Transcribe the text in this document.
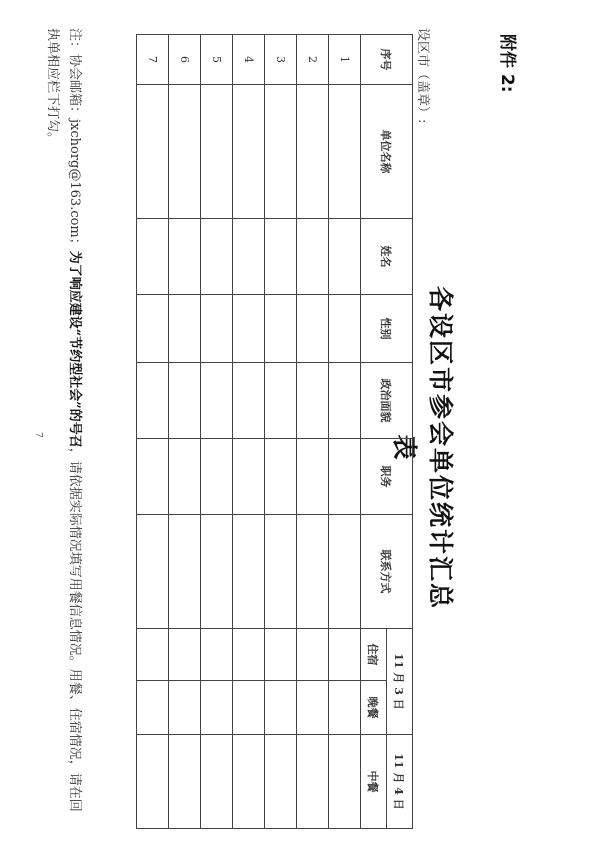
附件 2:
各设区市参会单位统计汇总表
设区市（盖章）:
序号	单位名称	姓名	性别	政治面貌	职务	联系方式	11 月 3 日		11 月 4 日
							住宿	晚餐	中餐
1									
2									
3									
4									
5									
6									
7									
注：协会邮箱：jxchorg@163.com；为了响应建设“节约型社会”的号召，请依据实际情况填写用餐信息情况。用餐、住宿情况，请在回执单相应栏下打勾。
7
